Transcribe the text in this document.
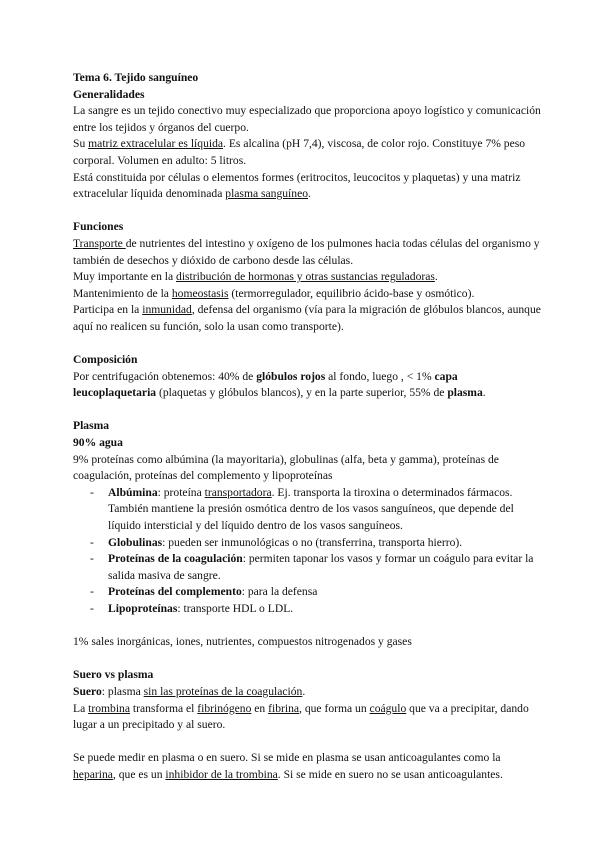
Tema 6. Tejido sanguíneo

Generalidades

La sangre es un tejido conectivo muy especializado que proporciona apoyo logístico y comunicación entre los tejidos y órganos del cuerpo.

Su matriz extracelular es líquida. Es alcalina (pH 7,4), viscosa, de color rojo. Constituye 7% peso corporal. Volumen en adulto: 5 litros.

Está constituida por células o elementos formes (eritrocitos, leucocitos y plaquetas) y una matriz extracelular líquida denominada plasma sanguíneo.

Funciones

Transporte de nutrientes del intestino y oxígeno de los pulmones hacia todas células del organismo y también de desechos y dióxido de carbono desde las células.

Muy importante en la distribución de hormonas y otras sustancias reguladoras.

Mantenimiento de la homeostasis (termorregulador, equilibrio ácido-base y osmótico).

Participa en la inmunidad, defensa del organismo (vía para la migración de glóbulos blancos, aunque aquí no realicen su función, solo la usan como transporte).

Composición

Por centrifugación obtenemos: 40% de glóbulos rojos al fondo, luego , < 1% capa leucoplaquetaria (plaquetas y glóbulos blancos), y en la parte superior, 55% de plasma.

Plasma

90% agua

9% proteínas como albúmina (la mayoritaria), globulinas (alfa, beta y gamma), proteínas de coagulación, proteínas del complemento y lipoproteínas

- Albúmina: proteína transportadora. Ej. transporta la tiroxina o determinados fármacos. También mantiene la presión osmótica dentro de los vasos sanguíneos, que depende del líquido intersticial y del líquido dentro de los vasos sanguíneos.
- Globulinas: pueden ser inmunológicas o no (transferrina, transporta hierro).
- Proteínas de la coagulación: permiten taponar los vasos y formar un coágulo para evitar la salida masiva de sangre.
- Proteínas del complemento: para la defensa
- Lipoproteínas: transporte HDL o LDL.

1% sales inorgánicas, iones, nutrientes, compuestos nitrogenados y gases

Suero vs plasma

Suero: plasma sin las proteínas de la coagulación.

La trombina transforma el fibrinógeno en fibrina, que forma un coágulo que va a precipitar, dando lugar a un precipitado y al suero.

Se puede medir en plasma o en suero. Si se mide en plasma se usan anticoagulantes como la heparina, que es un inhibidor de la trombina. Si se mide en suero no se usan anticoagulantes.
